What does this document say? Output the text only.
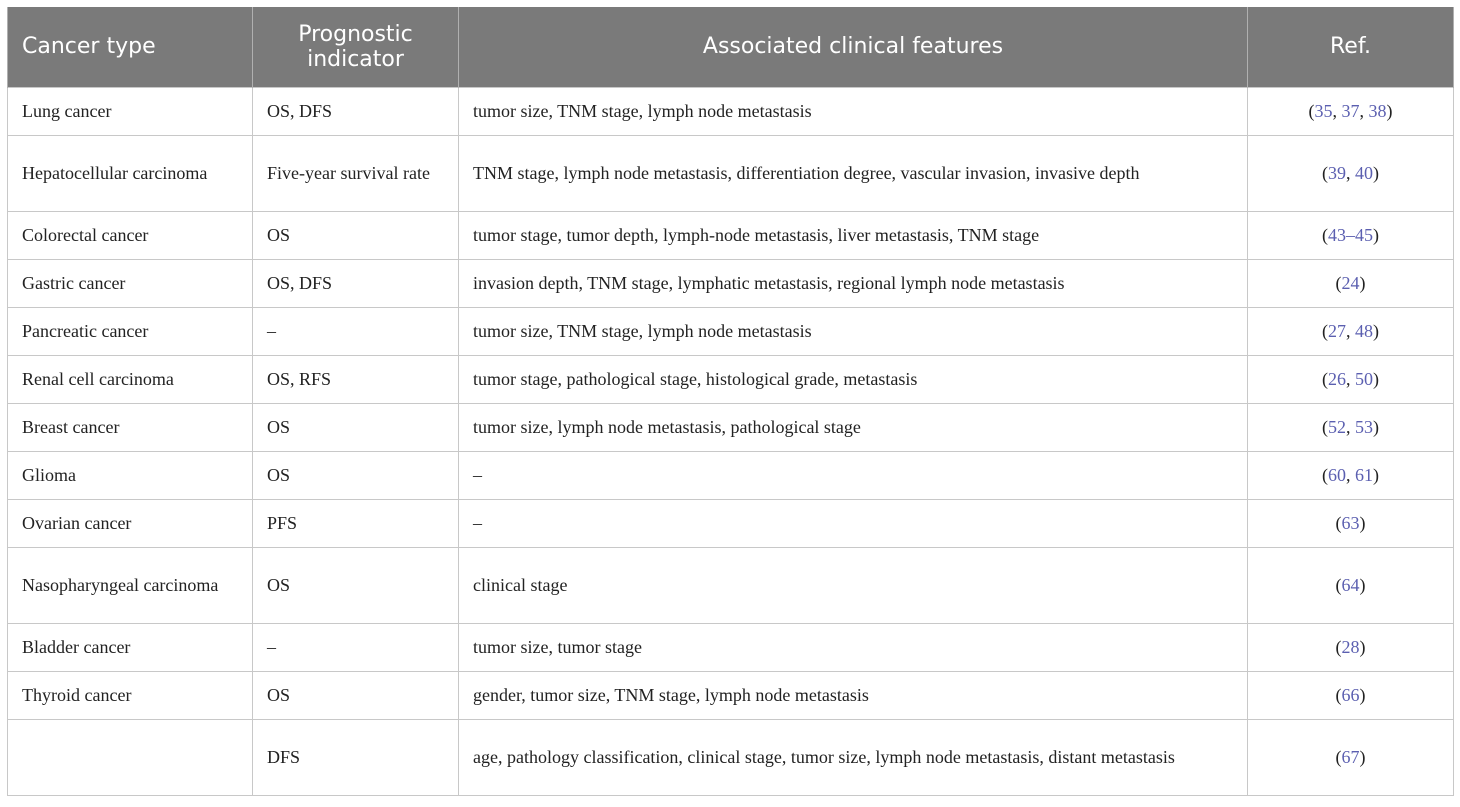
Cancer type	Prognostic indicator	Associated clinical features	Ref.
Lung cancer	OS, DFS	tumor size, TNM stage, lymph node metastasis	(35, 37, 38)
Hepatocellular carcinoma	Five-year survival rate	TNM stage, lymph node metastasis, differentiation degree, vascular invasion, invasive depth	(39, 40)
Colorectal cancer	OS	tumor stage, tumor depth, lymph-node metastasis, liver metastasis, TNM stage	(43–45)
Gastric cancer	OS, DFS	invasion depth, TNM stage, lymphatic metastasis, regional lymph node metastasis	(24)
Pancreatic cancer	–	tumor size, TNM stage, lymph node metastasis	(27, 48)
Renal cell carcinoma	OS, RFS	tumor stage, pathological stage, histological grade, metastasis	(26, 50)
Breast cancer	OS	tumor size, lymph node metastasis, pathological stage	(52, 53)
Glioma	OS	–	(60, 61)
Ovarian cancer	PFS	–	(63)
Nasopharyngeal carcinoma	OS	clinical stage	(64)
Bladder cancer	–	tumor size, tumor stage	(28)
Thyroid cancer	OS	gender, tumor size, TNM stage, lymph node metastasis	(66)
	DFS	age, pathology classification, clinical stage, tumor size, lymph node metastasis, distant metastasis	(67)
